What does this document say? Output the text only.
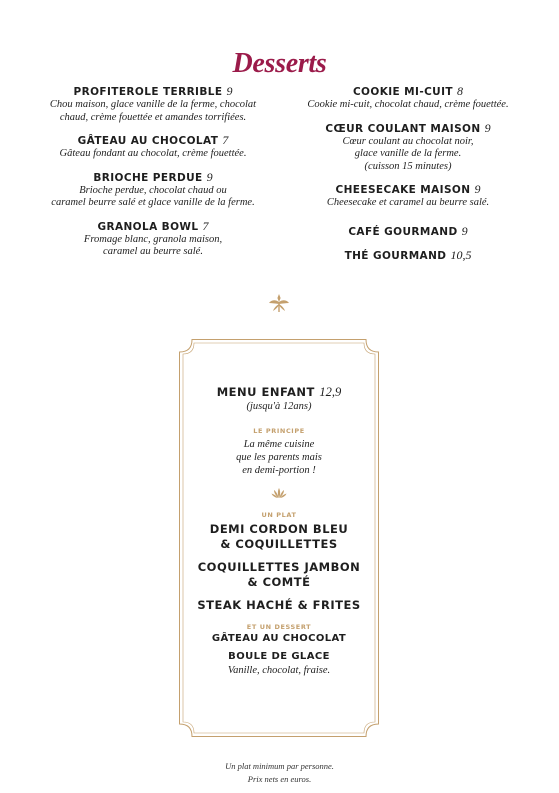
Desserts
PROFITEROLE TERRIBLE 9
Chou maison, glace vanille de la ferme, chocolat
chaud, crème fouettée et amandes torrifiées.
GÂTEAU AU CHOCOLAT 7
Gâteau fondant au chocolat, crème fouettée.
BRIOCHE PERDUE 9
Brioche perdue, chocolat chaud ou
caramel beurre salé et glace vanille de la ferme.
GRANOLA BOWL 7
Fromage blanc, granola maison,
caramel au beurre salé.
COOKIE MI-CUIT 8
Cookie mi-cuit, chocolat chaud, crème fouettée.
CŒUR COULANT MAISON 9
Cœur coulant au chocolat noir,
glace vanille de la ferme.
(cuisson 15 minutes)
CHEESECAKE MAISON 9
Cheesecake et caramel au beurre salé.
CAFÉ GOURMAND 9
THÉ GOURMAND 10,5
MENU ENFANT 12,9
(jusqu'à 12ans)
LE PRINCIPE
La même cuisine
que les parents mais
en demi-portion !
UN PLAT
DEMI CORDON BLEU
& COQUILLETTES
COQUILLETTES JAMBON
& COMTÉ
STEAK HACHÉ & FRITES
ET UN DESSERT
GÂTEAU AU CHOCOLAT
BOULE DE GLACE
Vanille, chocolat, fraise.
Un plat minimum par personne.
Prix nets en euros.
